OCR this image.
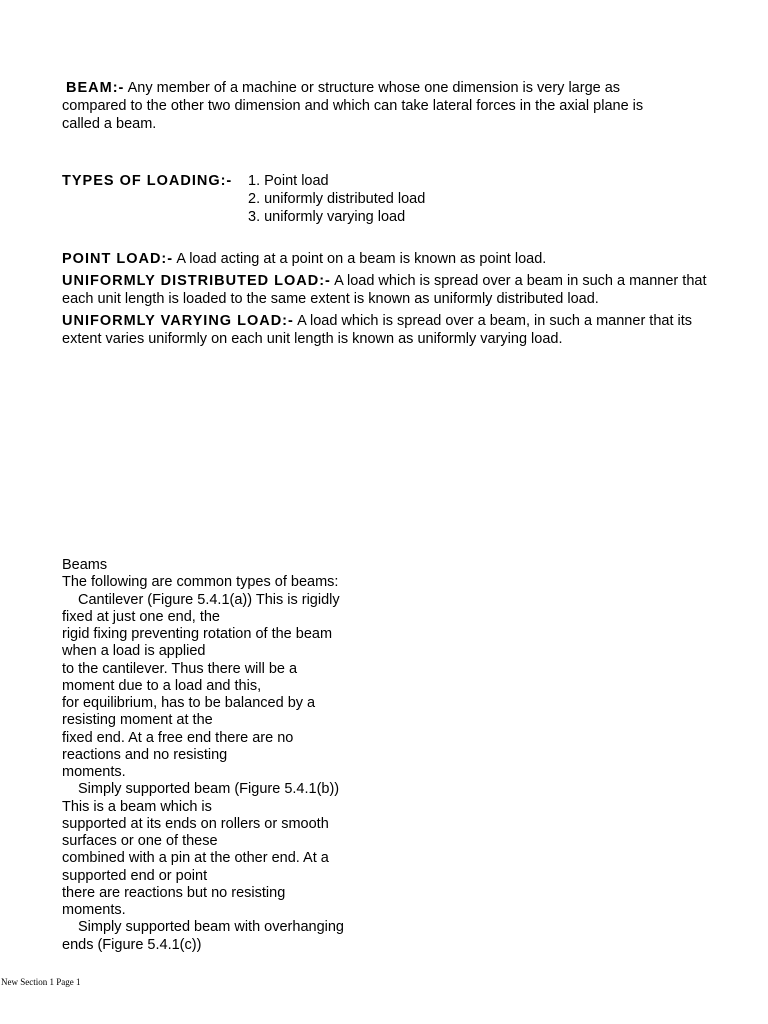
BEAM:- Any member of a machine or structure whose one dimension is very large as
compared to the other two dimension and which can take lateral forces in the axial plane is
called a beam.
TYPES OF LOADING:- 1. Point load
2. uniformly distributed load
3. uniformly varying load
POINT LOAD:- A load acting at a point on a beam is known as point load.
UNIFORMLY DISTRIBUTED LOAD:- A load which is spread over a beam in such a manner that
each unit length is loaded to the same extent is known as uniformly distributed load.
UNIFORMLY VARYING LOAD:- A load which is spread over a beam, in such a manner that its
extent varies uniformly on each unit length is known as uniformly varying load.
Beams
The following are common types of beams:
Cantilever (Figure 5.4.1(a)) This is rigidly
fixed at just one end, the
rigid fixing preventing rotation of the beam
when a load is applied
to the cantilever. Thus there will be a
moment due to a load and this,
for equilibrium, has to be balanced by a
resisting moment at the
fixed end. At a free end there are no
reactions and no resisting
moments.
Simply supported beam (Figure 5.4.1(b))
This is a beam which is
supported at its ends on rollers or smooth
surfaces or one of these
combined with a pin at the other end. At a
supported end or point
there are reactions but no resisting
moments.
Simply supported beam with overhanging
ends (Figure 5.4.1(c))
New Section 1 Page 1
